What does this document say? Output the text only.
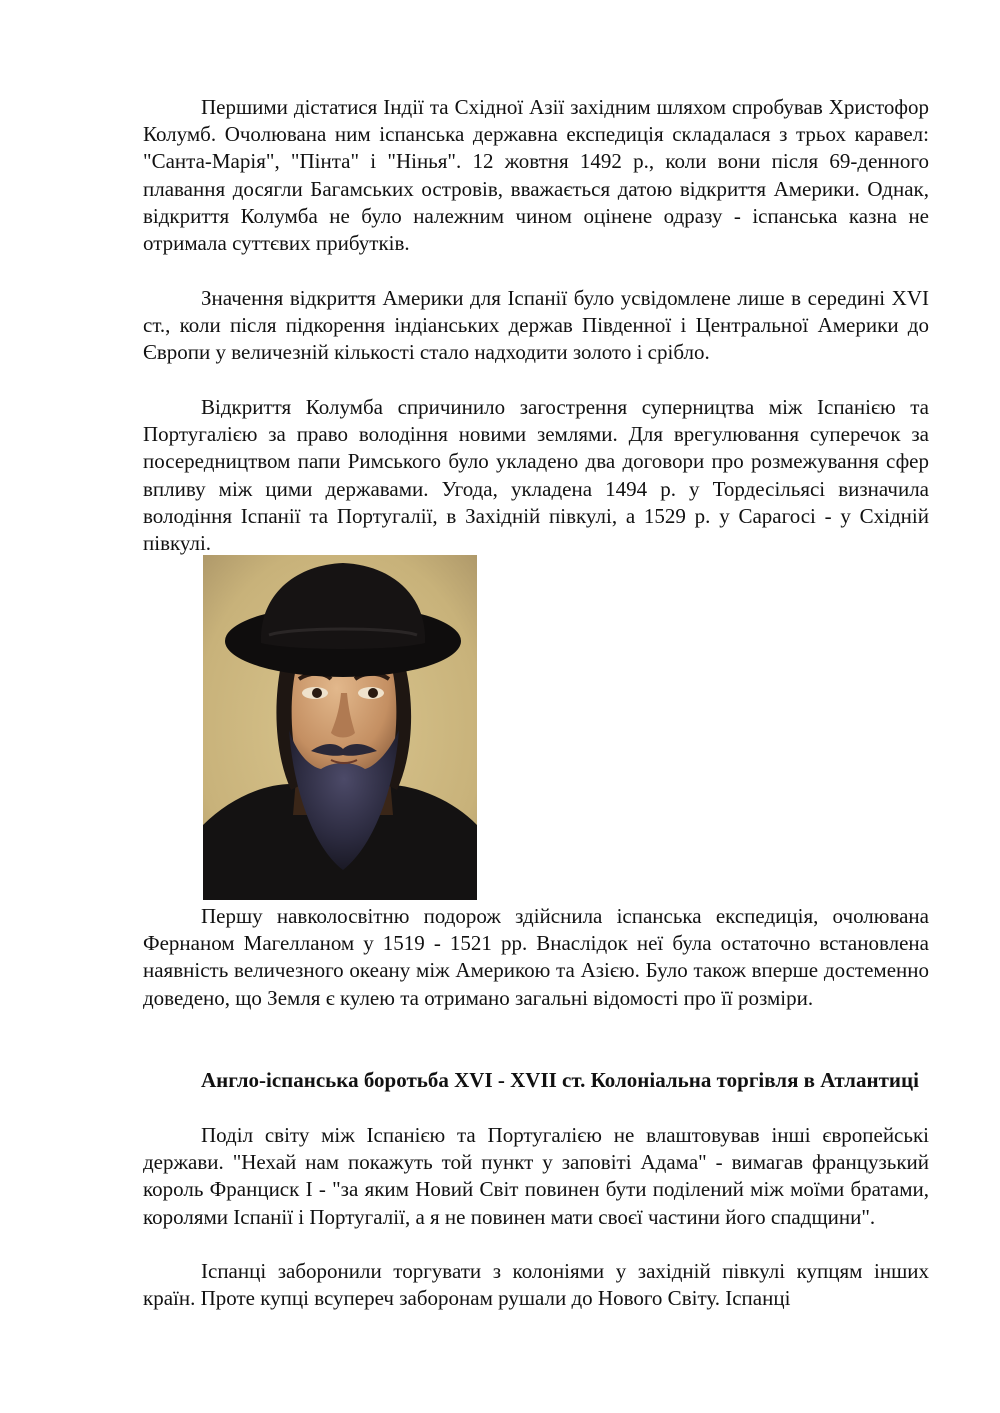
Першими дістатися Індії та Східної Азії західним шляхом спробував Христофор Колумб. Очолювана ним іспанська державна експедиція складалася з трьох каравел: "Санта-Марія", "Пінта" і "Нінья". 12 жовтня 1492 р., коли вони після 69-денного плавання досягли Багамських островів, вважається датою відкриття Америки. Однак, відкриття Колумба не було належним чином оцінене одразу - іспанська казна не отримала суттєвих прибутків.

Значення відкриття Америки для Іспанії було усвідомлене лише в середині XVI ст., коли після підкорення індіанських держав Південної і Центральної Америки до Європи у величезній кількості стало надходити золото і срібло.

Відкриття Колумба спричинило загострення суперництва між Іспанією та Португалією за право володіння новими землями. Для врегулювання суперечок за посередництвом папи Римського було укладено два договори про розмежування сфер впливу між цими державами. Угода, укладена 1494 р. у Тордесільясі визначила володіння Іспанії та Португалії, в Західній півкулі, а 1529 р. у Сарагосі - у Східній півкулі.

Першу навколосвітню подорож здійснила іспанська експедиція, очолювана Фернаном Магелланом у 1519 - 1521 рр. Внаслідок неї була остаточно встановлена наявність величезного океану між Америкою та Азією. Було також вперше достеменно доведено, що Земля є кулею та отримано загальні відомості про її розміри.

Англо-іспанська боротьба XVI - XVII ст. Колоніальна торгівля в Атлантиці

Поділ світу між Іспанією та Португалією не влаштовував інші європейські держави. "Нехай нам покажуть той пункт у заповіті Адама" - вимагав французький король Франциск I - "за яким Новий Світ повинен бути поділений між моїми братами, королями Іспанії і Португалії, а я не повинен мати своєї частини його спадщини".

Іспанці заборонили торгувати з колоніями у західній півкулі купцям інших країн. Проте купці всупереч заборонам рушали до Нового Світу. Іспанці
